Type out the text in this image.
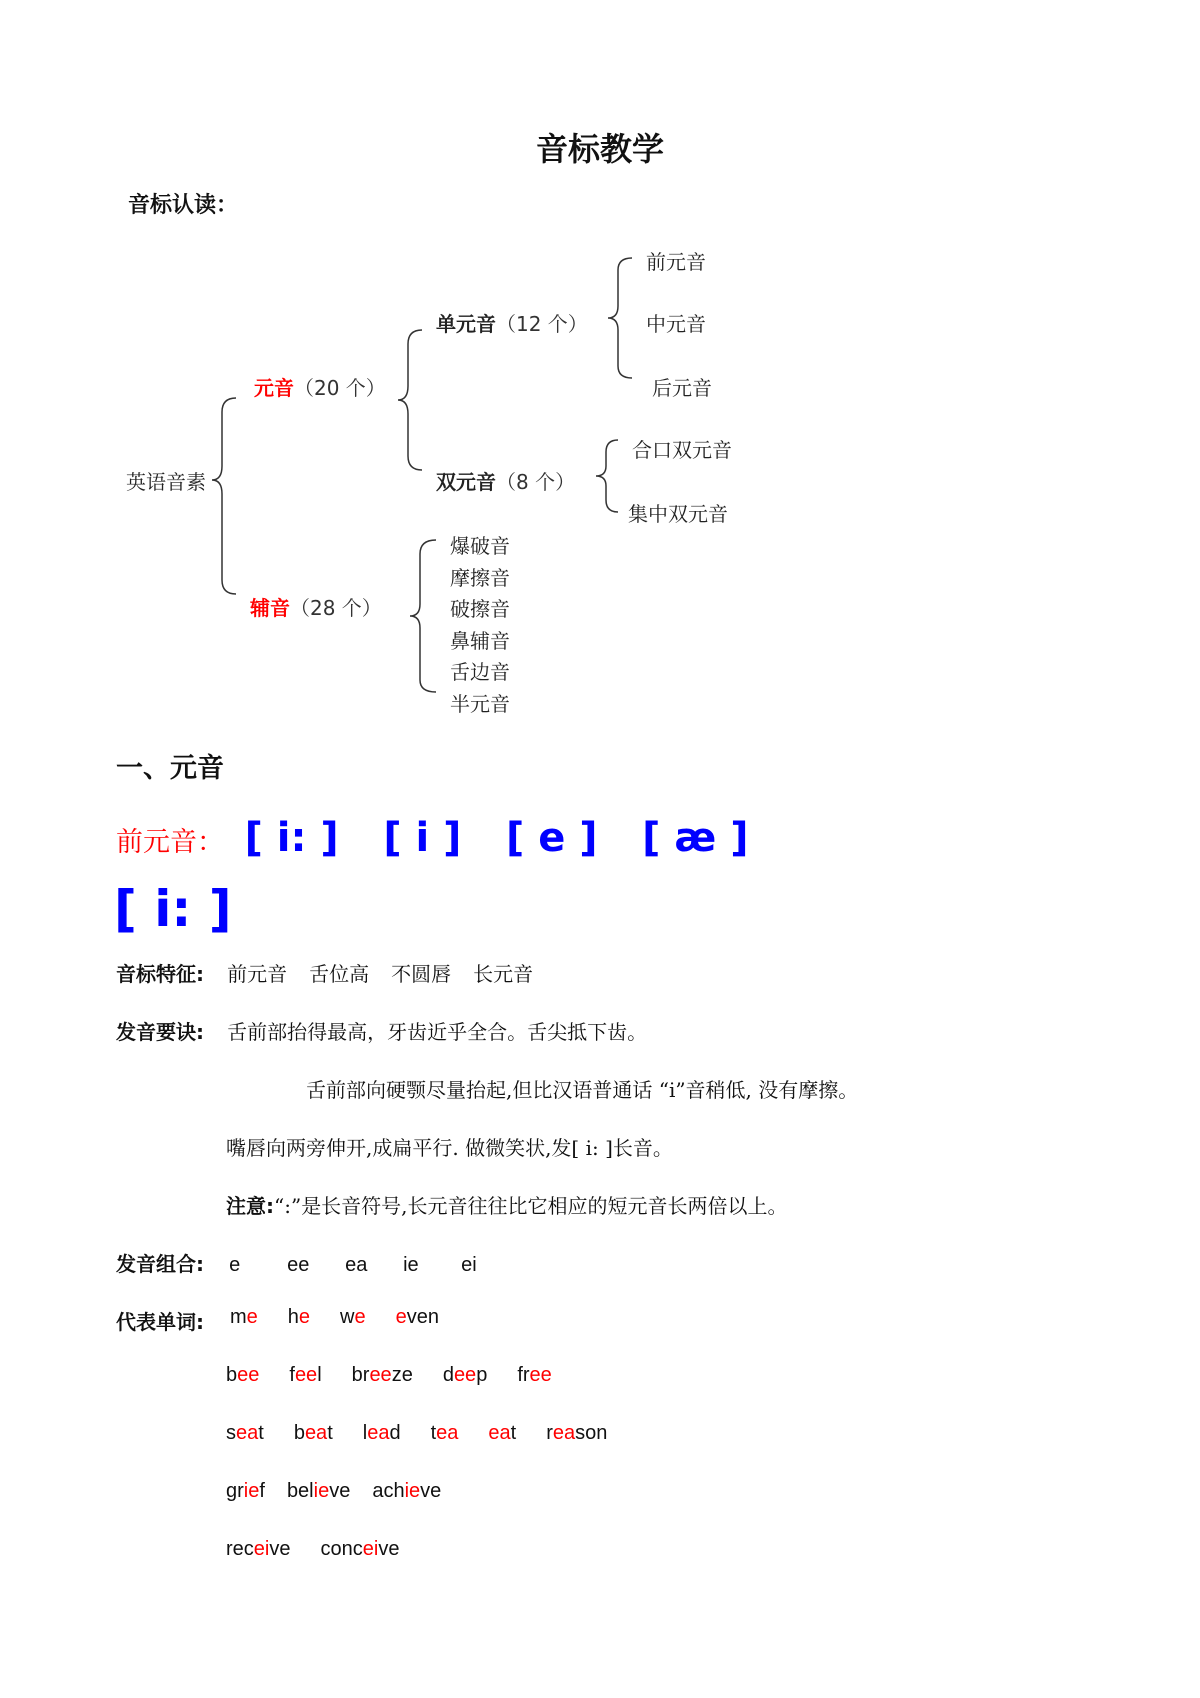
音标教学
音标认读：
英语音素
元音（20 个）
辅音（28 个）
单元音（12 个）
双元音（8 个）
前元音
中元音
后元音
合口双元音
集中双元音
爆破音
摩擦音
破擦音
鼻辅音
舌边音
半元音
一、元音
前元音： [ i: ] [ i ] [ e ] [ æ ]
[ i: ]
音标特征: 前元音 舌位高 不圆唇 长元音
发音要诀: 舌前部抬得最高，牙齿近乎全合。舌尖抵下齿。
舌前部向硬颚尽量抬起,但比汉语普通话 “i”音稍低, 没有摩擦。
嘴唇向两旁伸开,成扁平行. 做微笑状,发[ i: ]长音。
注意:“:”是长音符号,长元音往往比它相应的短元音长两倍以上。
发音组合: e ee ea ie ei
代表单词: me he we even
bee feel breeze deep free
seat beat lead tea eat reason
grief believe achieve
receive conceive
